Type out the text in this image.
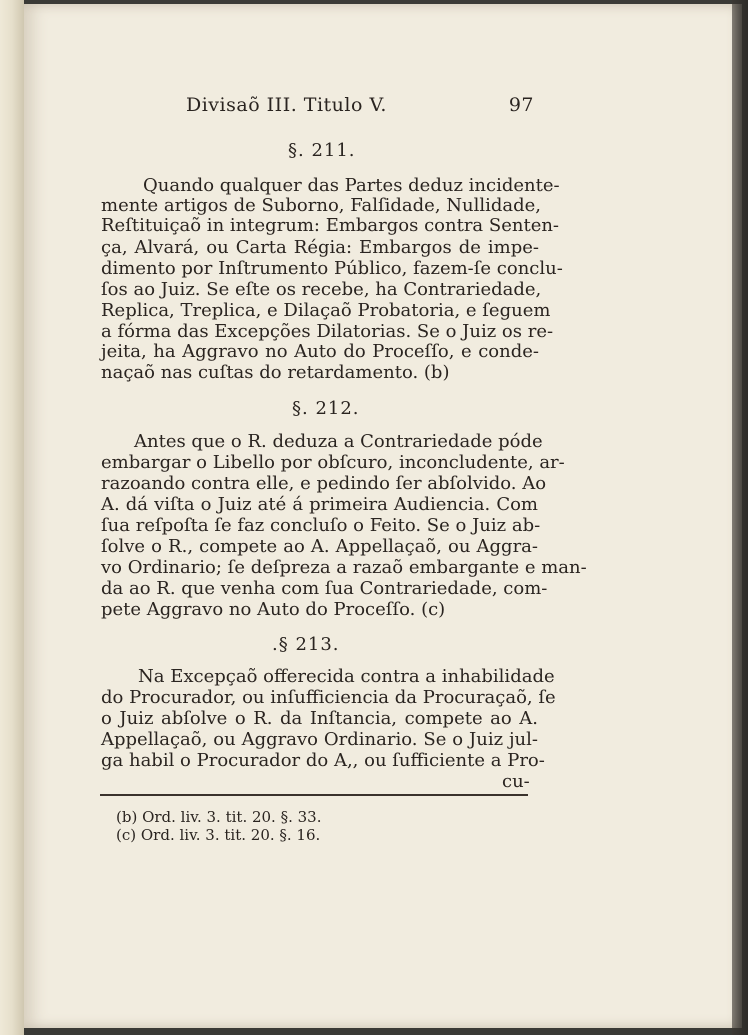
Divisaõ III. Titulo V.	97
§. 211.
Quando qualquer das Partes deduz incidente-
mente artigos de Suborno, Falſidade, Nullidade,
Reſtituiçaõ in integrum: Embargos contra Senten-
ça, Alvará, ou Carta Régia: Embargos de impe-
dimento por Inſtrumento Público, fazem-ſe conclu-
ſos ao Juiz. Se eſte os recebe, ha Contrariedade,
Replica, Treplica, e Dilaçaõ Probatoria, e ſeguem
a fórma das Excepções Dilatorias. Se o Juiz os re-
jeita, ha Aggravo no Auto do Proceſſo, e conde-
naçaõ nas cuſtas do retardamento. (b)
§. 212.
Antes que o R. deduza a Contrariedade póde
embargar o Libello por obſcuro, inconcludente, ar-
razoando contra elle, e pedindo ſer abſolvido. Ao
A. dá viſta o Juiz até á primeira Audiencia. Com
ſua reſpoſta ſe faz concluſo o Feito. Se o Juiz ab-
ſolve o R., compete ao A. Appellaçaõ, ou Aggra-
vo Ordinario; ſe deſpreza a razaõ embargante e man-
da ao R. que venha com ſua Contrariedade, com-
pete Aggravo no Auto do Proceſſo. (c)
.§ 213.
Na Excepçaõ offerecida contra a inhabilidade
do Procurador, ou inſufficiencia da Procuraçaõ, ſe
o Juiz abſolve o R. da Inſtancia, compete ao A.
Appellaçaõ, ou Aggravo Ordinario. Se o Juiz jul-
ga habil o Procurador do A,, ou ſufficiente a Pro-
cu-
(b) Ord. liv. 3. tit. 20. §. 33.
(c) Ord. liv. 3. tit. 20. §. 16.
